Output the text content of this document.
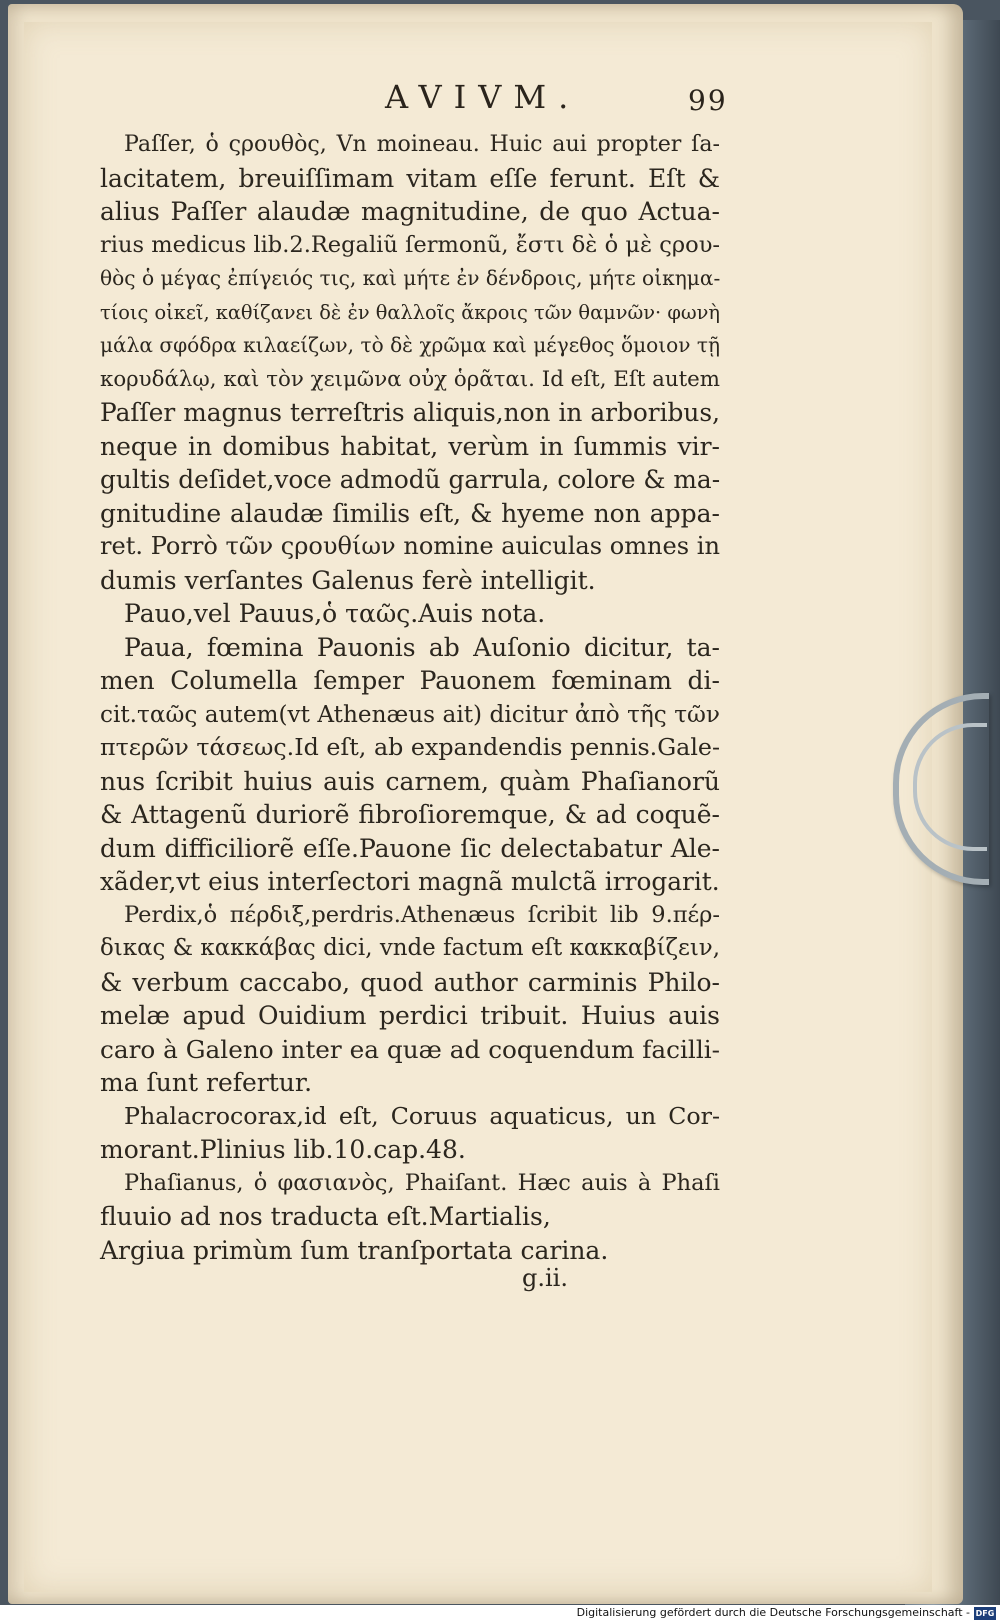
AVIVM.	99
Paſſer, ὁ ςρουθὸς, Vn moineau. Huic aui propter ſa-
lacitatem, breuiſſimam vitam eſſe ferunt. Eſt &
alius Paſſer alaudæ magnitudine, de quo Actua-
rius medicus lib.2.Regaliũ ſermonũ, ἔστι δὲ ὁ μὲ ςρου-
θὸς ὁ μέγας ἐπίγειός τις, καὶ μήτε ἐν δένδροις, μήτε οἰκημα-
τίοις οἰκεῖ, καθίζανει δὲ ἐν θαλλοῖς ἄκροις τῶν θαμνῶν· φωνὴ
μάλα σφόδρα κιλαείζων, τὸ δὲ χρῶμα καὶ μέγεθος ὅμοιον τῇ
κορυδάλῳ, καὶ τὸν χειμῶνα οὐχ ὁρᾶται. Id eſt, Eſt autem
Paſſer magnus terreſtris aliquis,non in arboribus,
neque in domibus habitat, verùm in ſummis vir-
gultis deſidet,voce admodũ garrula, colore & ma-
gnitudine alaudæ ſimilis eſt, & hyeme non appa-
ret. Porrò τῶν ςρουθίων nomine auiculas omnes in
dumis verſantes Galenus ferè intelligit.
Pauo,vel Pauus,ὁ ταῶς.Auis nota.
Paua, fœmina Pauonis ab Auſonio dicitur, ta-
men Columella ſemper Pauonem fœminam di-
cit.ταῶς autem(vt Athenæus ait) dicitur ἀπὸ τῆς τῶν
πτερῶν τάσεως.Id eſt, ab expandendis pennis.Gale-
nus ſcribit huius auis carnem, quàm Phaſianorũ
& Attagenũ duriorẽ fibroſioremque, & ad coquẽ-
dum difficiliorẽ eſſe.Pauone ſic delectabatur Ale-
xãder,vt eius interſectori magnã mulctã irrogarit.
Perdix,ὁ πέρδιξ,perdris.Athenæus ſcribit lib 9.πέρ-
δικας & κακκάβας dici, vnde factum eſt κακκαβίζειν,
& verbum caccabo, quod author carminis Philo-
melæ apud Ouidium perdici tribuit. Huius auis
caro à Galeno inter ea quæ ad coquendum facilli-
ma ſunt refertur.
Phalacrocorax,id eſt, Coruus aquaticus, un Cor-
morant.Plinius lib.10.cap.48.
Phaſianus, ὁ φασιανὸς, Phaiſant. Hæc auis à Phaſi
fluuio ad nos traducta eſt.Martialis,
Argiua primùm ſum tranſportata carina.
g.ii.
Digitalisierung gefördert durch die Deutsche Forschungsgemeinschaft - DFG
